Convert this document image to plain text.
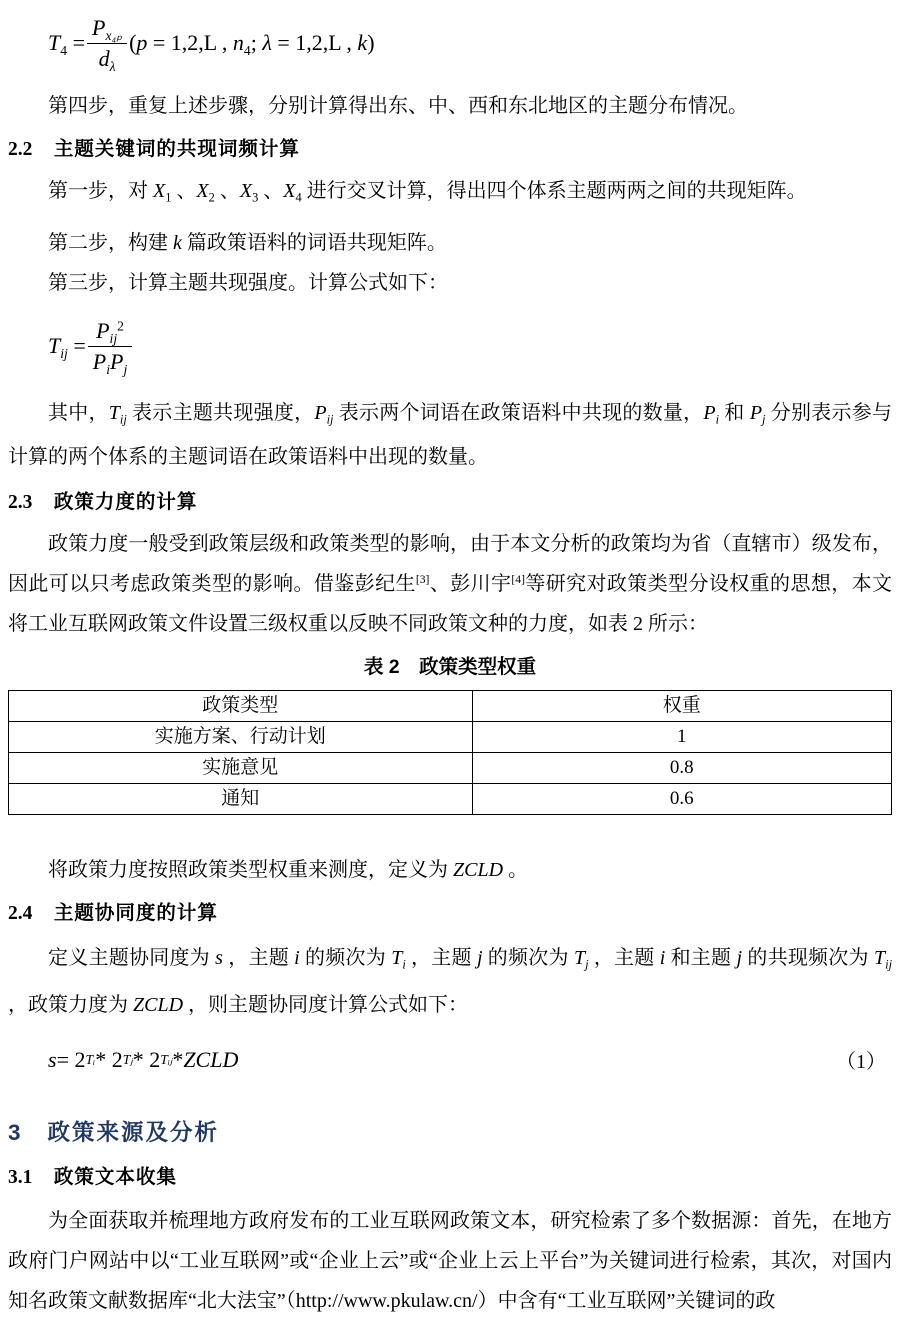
$T_4 = \frac{P_{x_{4p}}}{d_\lambda} (p = 1,2,L$ , $n_4$; λ = 1,2,L , k)

第四步，重复上述步骤，分别计算得出东、中、西和东北地区的主题分布情况。

2.2 主题关键词的共现词频计算

第一步，对 $X_1$ 、$X_2$ 、$X_3$ 、$X_4$ 进行交叉计算，得出四个体系主题两两之间的共现矩阵。

第二步，构建 k 篇政策语料的词语共现矩阵。

第三步，计算主题共现强度。计算公式如下：

$T_{ij} = \frac{P_{ij}^2}{P_iP_j}$

其中，$T_{ij}$ 表示主题共现强度，$P_{ij}$ 表示两个词语在政策语料中共现的数量，$P_i$ 和 $P_j$ 分别表示参与计算的两个体系的主题词语在政策语料中出现的数量。

2.3 政策力度的计算

政策力度一般受到政策层级和政策类型的影响，由于本文分析的政策均为省（直辖市）级发布，因此可以只考虑政策类型的影响。借鉴彭纪生[3]、彭川宇[4]等研究对政策类型分设权重的思想，本文将工业互联网政策文件设置三级权重以反映不同政策文种的力度，如表 2 所示：

表 2　政策类型权重
政策类型	权重
实施方案、行动计划	1
实施意见	0.8
通知	0.6

将政策力度按照政策类型权重来测度，定义为 ZCLD 。

2.4 主题协同度的计算

定义主题协同度为 s ，主题 i 的频次为 $T_i$ ，主题 j 的频次为 $T_j$ ，主题 i 和主题 j 的共现频次为 $T_{ij}$ ，政策力度为 ZCLD ，则主题协同度计算公式如下：

s = 2 Tᵢ * 2 Tⱼ * 2 Tᵢⱼ * ZCLD	（1）
3 政策来源及分析
3.1 政策文本收集

为全面获取并梳理地方政府发布的工业互联网政策文本，研究检索了多个数据源：首先，在地方政府门户网站中以“工业互联网”或“企业上云”或“企业上云上平台”为关键词进行检索，其次，对国内知名政策文献数据库“北大法宝”（http://www.pkulaw.cn/）中含有“工业互联网”关键词的政
